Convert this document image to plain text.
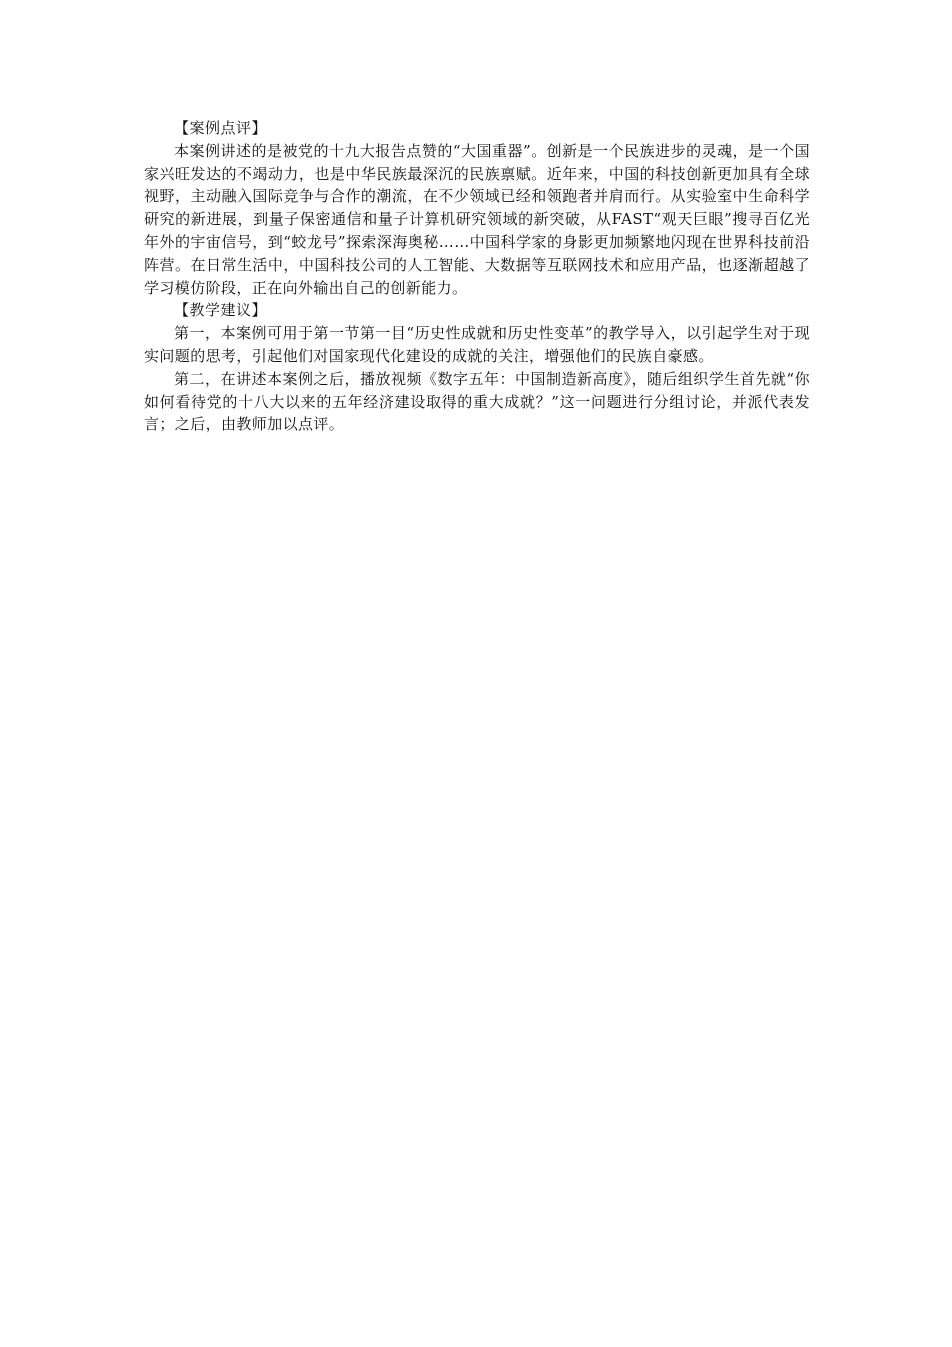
【案例点评】

本案例讲述的是被党的十九大报告点赞的“大国重器”。创新是一个民族进步的灵魂，是一个国家兴旺发达的不竭动力，也是中华民族最深沉的民族禀赋。近年来，中国的科技创新更加具有全球视野，主动融入国际竞争与合作的潮流，在不少领域已经和领跑者并肩而行。从实验室中生命科学研究的新进展，到量子保密通信和量子计算机研究领域的新突破，从FAST“观天巨眼”搜寻百亿光年外的宇宙信号，到“蛟龙号”探索深海奥秘……中国科学家的身影更加频繁地闪现在世界科技前沿阵营。在日常生活中，中国科技公司的人工智能、大数据等互联网技术和应用产品，也逐渐超越了学习模仿阶段，正在向外输出自己的创新能力。

【教学建议】

第一，本案例可用于第一节第一目“历史性成就和历史性变革”的教学导入，以引起学生对于现实问题的思考，引起他们对国家现代化建设的成就的关注，增强他们的民族自豪感。

第二，在讲述本案例之后，播放视频《数字五年：中国制造新高度》，随后组织学生首先就“你如何看待党的十八大以来的五年经济建设取得的重大成就？”这一问题进行分组讨论，并派代表发言；之后，由教师加以点评。
